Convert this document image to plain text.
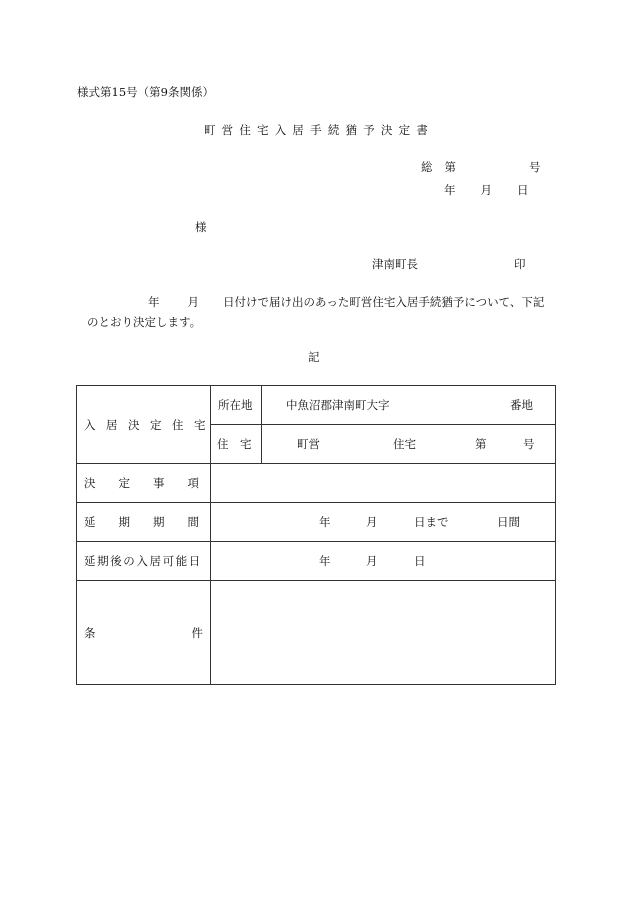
様式第15号（第9条関係）
町営住宅入居手続猶予決定書
総 第	号
年 月 日
様
津南町長	印
年 月 日付けで届け出のあった町営住宅入居手続猶予について、下記
のとおり決定します。
記
入居決定住宅	所在地	中魚沼郡津南町大字 番地

	住　宅	町営 住宅 第 号

決定事項		
延期期間	年 月 日まで 日間	

延期後の入居可能日	年 月 日	

条 件		
